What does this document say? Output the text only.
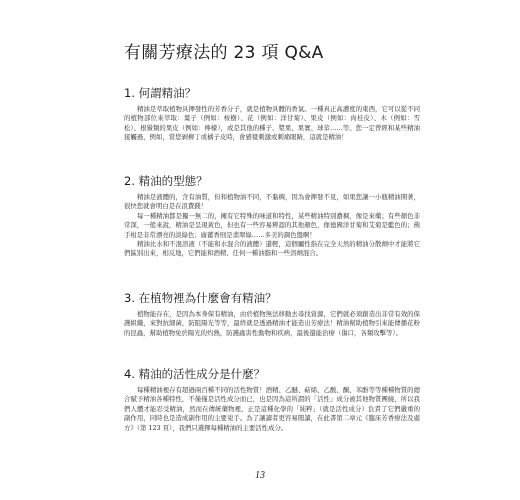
有關芳療法的 23 項 Q&A
1. 何謂精油？

精油是萃取植物具揮發性的芳香分子，就是植物具體的香氣。一種真正高濃度的東西，它可以從不同的植物部位來萃取：葉子（例如：桉樹）、花（例如：洋甘菊）、果皮（例如：肉桂皮）、木（例如：雪松）、根鬚類的果皮（例如：檸檬），或是其他的種子、漿果、果實、球莖……等。您一定曾經和某些精油接觸過，例如，當您剝柳丁或橘子皮時，會感覺刺激或刺痛眼睛，這就是精油！

2. 精油的型態？

精油是液體的，含有油質，但和植物油不同，不黏稠，因為會揮發不見，如果您讓一小瓶精油開著，很快您就會明白是在浪費錢！

每一種精油都是獨一無二的，擁有它特殊的味道和特性，某些精油特別濃稠，像是來藥；有些顏色非常深，一般來說，精油是呈現黃色，但也有一些容易辨認的其他顏色，像德國洋甘菊和艾菊是藍色的；佛手柑是非常漂亮的淡綠色；廣藿香則是翡翠綠……多美的調色盤啊！

精油比水和不混溶液（不能和水混合的液體）還輕，這個屬性指在完全天然的精油分散劑中才能將它們區別出來，相反地，它們能和酒精、任何一種油脂和一些溶劑混合。

3. 在植物裡為什麼會有精油？

植物能存在，是因為本身保有精油，由於植物無法移動去尋找資源，它們就必須創造出非常有效的保護組織，來對抗細菌，防阻陽光等等，最終就是透過精油才能造出芳療法！精油幫助植物引來能傳播花粉的昆蟲，幫助植物免於陽光的灼熱，防護蟲害性動物和疾病，最後還能治療（傷口，各類攻擊等）。

4. 精油的活性成分是什麼？

每種精油裡存有超過兩百種不同的活性物質！酒精、乙醚、萜烯、乙酸、酮、苯酚等等種種物質的總合賦予精油各種特性，不僅僅是活性成分而已，也是因為這所謂的「活性」成分被其他物質團繞，所以我們人體才能忍受精油，然而在傳統藥物裡，正是這種化學的「純粹」（就是活性成分）負責了它們嚴重的副作用，同時也是造成副作用的主要兇手。為了讓讀者更容易閱讀，在此書第二章元《臨床芳香療法及處方》（第 123 頁），我們只選擇每種精油的主要活性成分。

13
